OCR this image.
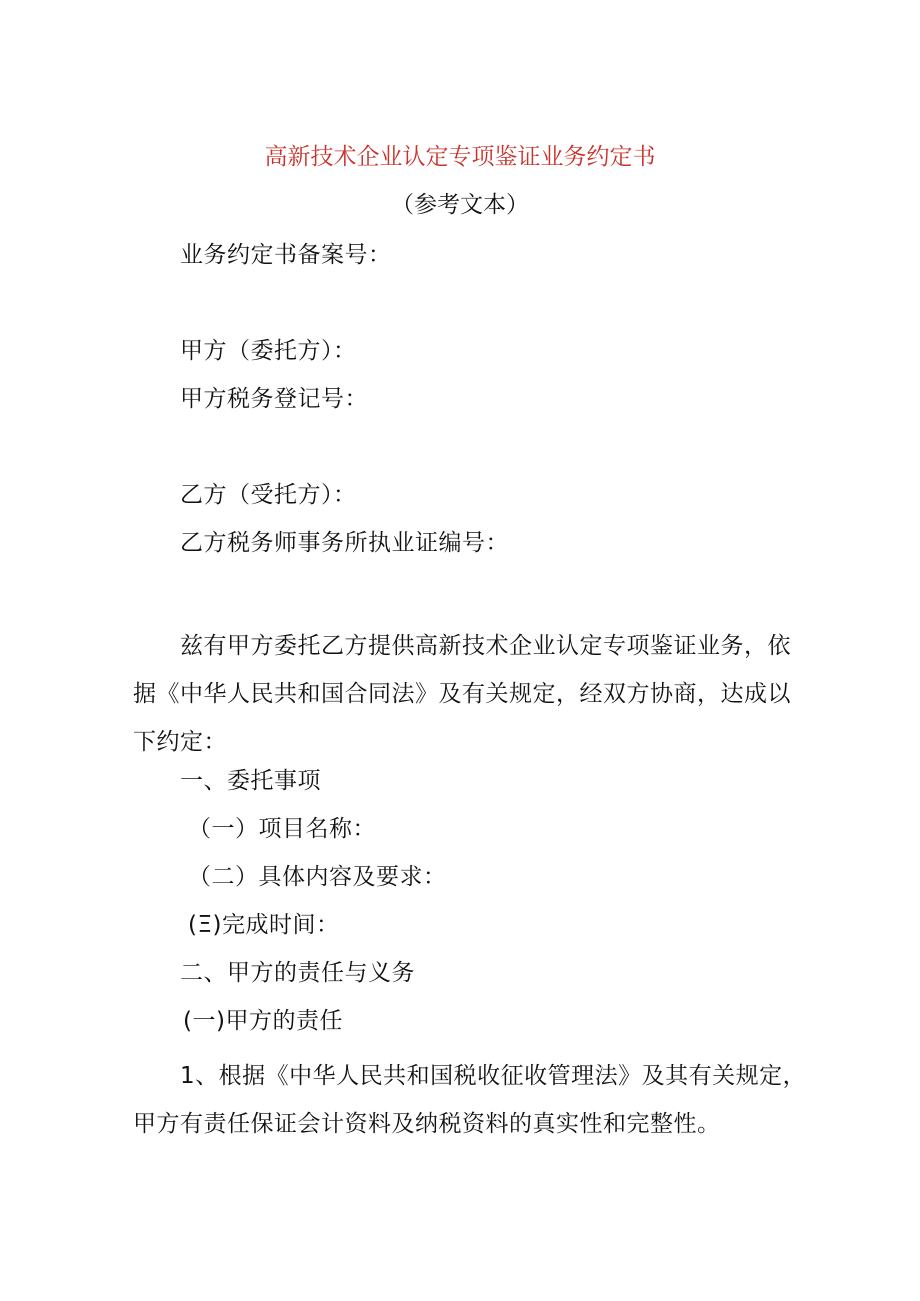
高新技术企业认定专项鉴证业务约定书
（参考文本）
业务约定书备案号：
甲方（委托方）：
甲方税务登记号：
乙方（受托方）：
乙方税务师事务所执业证编号：
兹有甲方委托乙方提供高新技术企业认定专项鉴证业务，依据《中华人民共和国合同法》及有关规定，经双方协商，达成以下约定：
一、委托事项
（一）项目名称：
（二）具体内容及要求：
(Ξ)完成时间：
二、甲方的责任与义务
(一)甲方的责任
1、根据《中华人民共和国税收征收管理法》及其有关规定，甲方有责任保证会计资料及纳税资料的真实性和完整性。
